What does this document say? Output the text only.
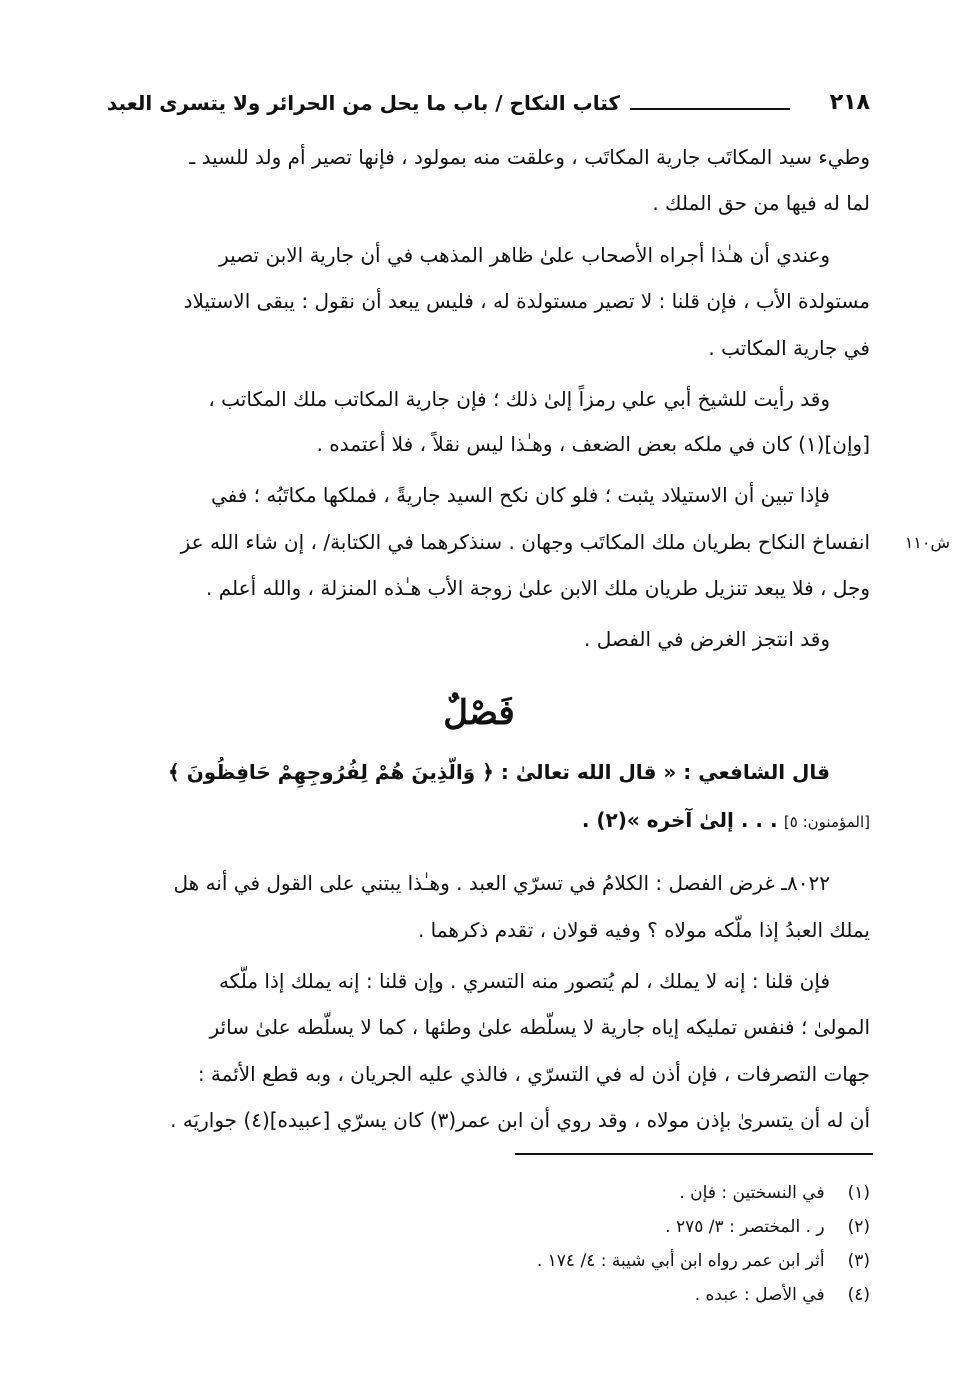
٢١٨
كتاب النكاح / باب ما يحل من الحرائر ولا يتسرى العبد
وطيء سيد المكاتَب جارية المكاتَب ، وعلقت منه بمولود ، فإنها تصير أم ولد للسيد ـ
لما له فيها من حق الملك .
وعندي أن هـٰذا أجراه الأصحاب علىٰ ظاهر المذهب في أن جارية الابن تصير
مستولدة الأب ، فإن قلنا : لا تصير مستولدة له ، فليس يبعد أن نقول : يبقى الاستيلاد
في جارية المكاتب .
وقد رأيت للشيخ أبي علي رمزاً إلىٰ ذلك ؛ فإن جارية المكاتب ملك المكاتب ،
[وإن](١) كان في ملكه بعض الضعف ، وهـٰذا ليس نقلاً ، فلا أعتمده .
فإذا تبين أن الاستيلاد يثبت ؛ فلو كان نكح السيد جاريةً ، فملكها مكاتَبُه ؛ ففي
انفساخ النكاح بطريان ملك المكاتَب وجهان . سنذكرهما في الكتابة/ ، إن شاء الله عز	ش١١٠
وجل ، فلا يبعد تنزيل طريان ملك الابن علىٰ زوجة الأب هـٰذه المنزلة ، والله أعلم .
وقد انتجز الغرض في الفصل .
فَصْلٌ
قال الشافعي : « قال الله تعالىٰ : ﴿ وَالَّذِينَ هُمْ لِفُرُوجِهِمْ حَافِظُونَ ﴾
[المؤمنون: ٥] . . . إلىٰ آخره »(٢) .
٨٠٢٢ـ غرض الفصل : الكلامُ في تسرّي العبد . وهـٰذا يبتني على القول في أنه هل
يملك العبدُ إذا ملّكه مولاه ؟ وفيه قولان ، تقدم ذكرهما .
فإن قلنا : إنه لا يملك ، لم يُتصور منه التسري . وإن قلنا : إنه يملك إذا ملّكه
المولىٰ ؛ فنفس تمليكه إياه جارية لا يسلّطه علىٰ وطئها ، كما لا يسلّطه علىٰ سائر
جهات التصرفات ، فإن أذن له في التسرّي ، فالذي عليه الجريان ، وبه قطع الأئمة :
أن له أن يتسرىٰ بإذن مولاه ، وقد روي أن ابن عمر(٣) كان يسرّي [عبيده](٤) جواريَه .
(١) في النسختين : فإن .
(٢) ر . المختصر : ٣/ ٢٧٥ .
(٣) أثر ابن عمر رواه ابن أبي شيبة : ٤/ ١٧٤ .
(٤) في الأصل : عبده .
